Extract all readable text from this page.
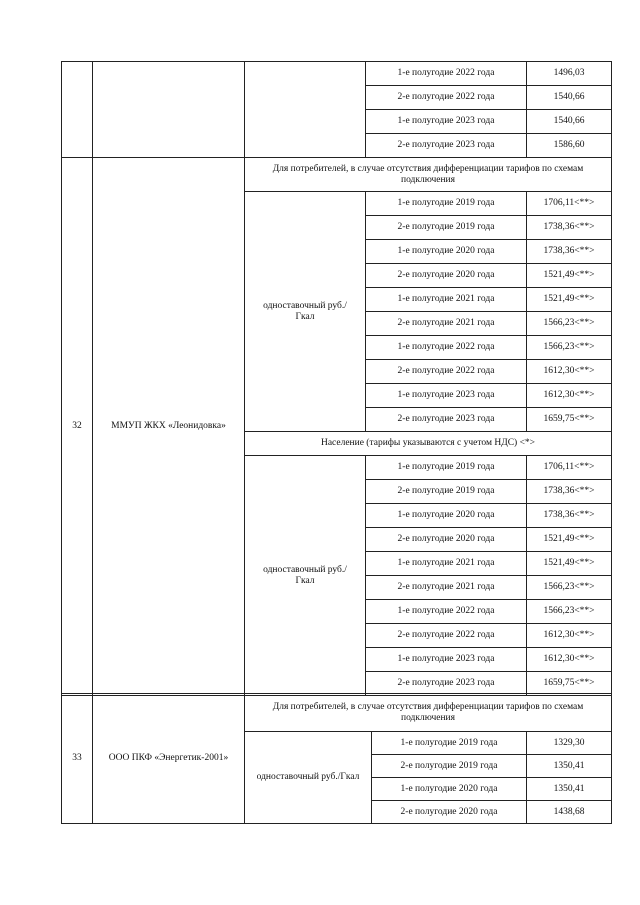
			1-е полугодие 2022 года	1496,03
			2-е полугодие 2022 года	1540,66
			1-е полугодие 2023 года	1540,66
			2-е полугодие 2023 года	1586,60
32	ММУП ЖКХ «Леонидовка»	Для потребителей, в случае отсутствия дифференциации тарифов по схемам подключения		
		одноставочный руб./Гкал	1-е полугодие 2019 года	1706,11<**>
			2-е полугодие 2019 года	1738,36<**>
			1-е полугодие 2020 года	1738,36<**>
			2-е полугодие 2020 года	1521,49<**>
			1-е полугодие 2021 года	1521,49<**>
			2-е полугодие 2021 года	1566,23<**>
			1-е полугодие 2022 года	1566,23<**>
			2-е полугодие 2022 года	1612,30<**>
			1-е полугодие 2023 года	1612,30<**>
			2-е полугодие 2023 года	1659,75<**>
		Население (тарифы указываются с учетом НДС) <*>		
		одноставочный руб./Гкал	1-е полугодие 2019 года	1706,11<**>
			2-е полугодие 2019 года	1738,36<**>
			1-е полугодие 2020 года	1738,36<**>
			2-е полугодие 2020 года	1521,49<**>
			1-е полугодие 2021 года	1521,49<**>
			2-е полугодие 2021 года	1566,23<**>
			1-е полугодие 2022 года	1566,23<**>
			2-е полугодие 2022 года	1612,30<**>
			1-е полугодие 2023 года	1612,30<**>
			2-е полугодие 2023 года	1659,75<**>
33	ООО ПКФ «Энергетик-2001»	Для потребителей, в случае отсутствия дифференциации тарифов по схемам подключения		
		одноставочный руб./Гкал	1-е полугодие 2019 года	1329,30
			2-е полугодие 2019 года	1350,41
			1-е полугодие 2020 года	1350,41
			2-е полугодие 2020 года	1438,68
